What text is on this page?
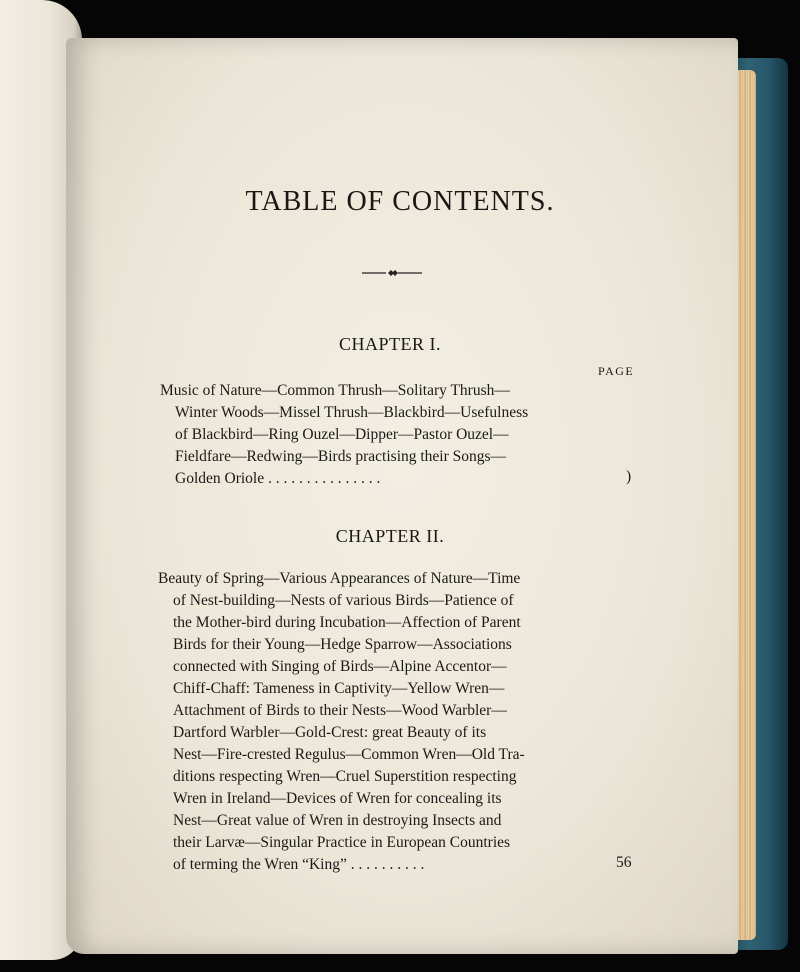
TABLE OF CONTENTS.
CHAPTER I.
PAGE
Music of Nature—Common Thrush—Solitary Thrush—
Winter Woods—Missel Thrush—Blackbird—Usefulness
of Blackbird—Ring Ouzel—Dipper—Pastor Ouzel—
Fieldfare—Redwing—Birds practising their Songs—
Golden Oriole . . . . . . . . . . . . . . .	)
CHAPTER II.
Beauty of Spring—Various Appearances of Nature—Time
of Nest-building—Nests of various Birds—Patience of
the Mother-bird during Incubation—Affection of Parent
Birds for their Young—Hedge Sparrow—Associations
connected with Singing of Birds—Alpine Accentor—
Chiff-Chaff: Tameness in Captivity—Yellow Wren—
Attachment of Birds to their Nests—Wood Warbler—
Dartford Warbler—Gold-Crest: great Beauty of its
Nest—Fire-crested Regulus—Common Wren—Old Tra-
ditions respecting Wren—Cruel Superstition respecting
Wren in Ireland—Devices of Wren for concealing its
Nest—Great value of Wren in destroying Insects and
their Larvæ—Singular Practice in European Countries
of terming the Wren “King” . . . . . . . . . .	56
